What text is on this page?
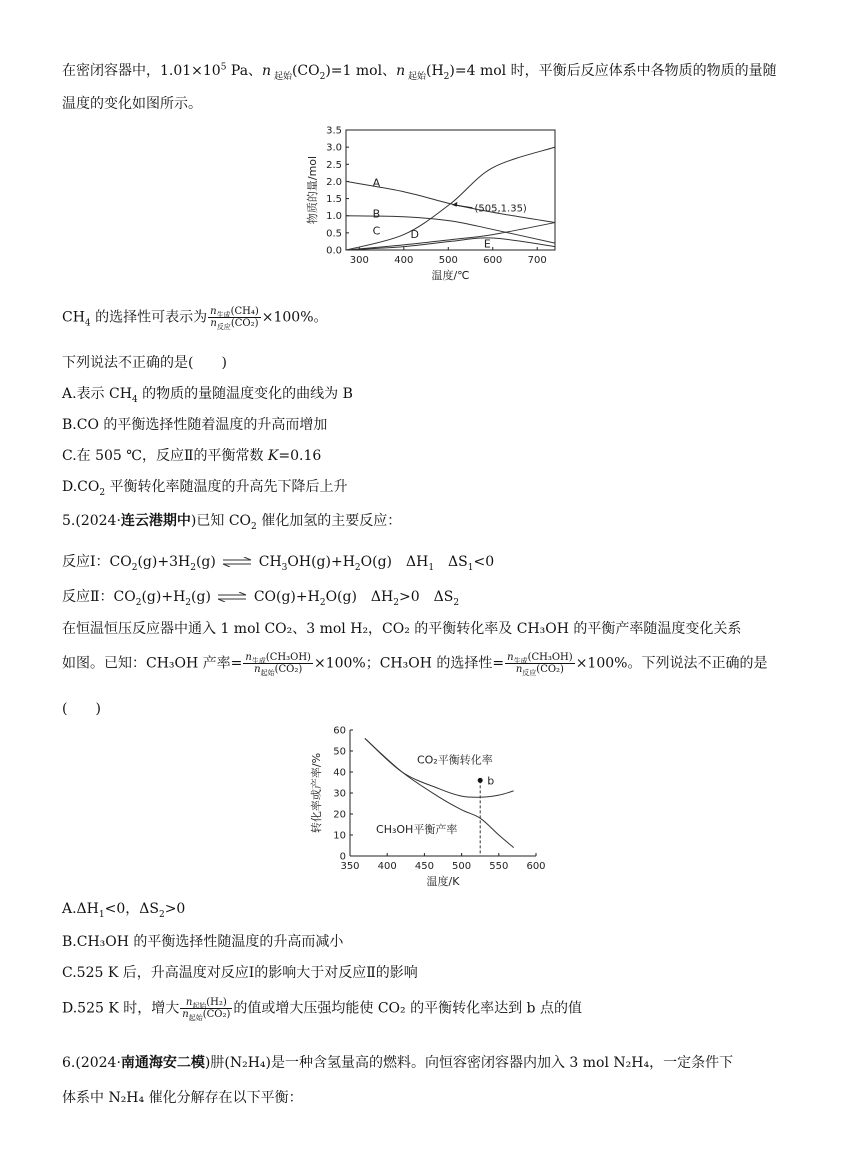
在密闭容器中，$1.01\times 10^5$ Pa、n $_{起始}(CO_2)=1$ mol、n $_{起始}(H_2)=4$ mol 时，平衡后反应体系中各物质的物质的量随
温度的变化如图所示。
0.0
0.5
1.0
1.5
2.0
2.5
3.0
3.5
300	400	500	600	700
温度/℃
物质的量/mol	A
B
C	D
E
(505,1.35)
$CH_4$ 的选择性可表示为 $\frac{n_{生成}(CH_4)}{n_{反应}(CO_2)} \times 100\%$。
下列说法不正确的是(　　)
A.表示 $CH_4$ 的物质的量随温度变化的曲线为 B
B.CO 的平衡选择性随着温度的升高而增加
C.在 505 ℃，反应Ⅱ的平衡常数 K=0.16
$D.CO_2$ 平衡转化率随温度的升高先下降后上升
5.(2024·连云港期中)已知 $CO_2$ 催化加氢的主要反应：
反应Ⅰ：$CO_2(g)+3H_2(g)$ ⇌ $CH_3OH(g)+H_2O(g)$　$\Delta H_1$　$\Delta S_1<0$
反应Ⅱ：$CO_2(g)+H_2(g)$ ⇌ $CO(g)+H_2O(g)$　$\Delta H_2>0$　$\Delta S_2$
在恒温恒压反应器中通入 1 mol CO₂、3 mol H₂，CO₂ 的平衡转化率及 CH₃OH 的平衡产率随温度变化关系
如图。已知：CH₃OH 产率= $\frac{n_{生成}(CH_3OH)}{n_{起始}(CO_2)} \times 100\%$；CH₃OH 的选择性= $\frac{n_{生成}(CH_3OH)}{n_{反应}(CO_2)} \times 100\%$。下列说法不正确的是
(　　)
0
10
20
30
40
50
60
350 400 450 500 550 600
温度/K
转化率或产率/%	CO₂平衡转化率
CH₃OH平衡产率
b
$A.\Delta H_1<0$，$\Delta S_2>0$
B.CH₃OH 的平衡选择性随温度的升高而减小
C.525 K 后，升高温度对反应Ⅰ的影响大于对反应Ⅱ的影响
D.525 K 时，增大 $\frac{n_{起始}(H_2)}{n_{起始}(CO_2)}$ 的值或增大压强均能使 CO₂ 的平衡转化率达到 b 点的值
6.(2024·南通海安二模)肼(N₂H₄)是一种含氢量高的燃料。向恒容密闭容器内加入 3 mol N₂H₄，一定条件下
体系中 N₂H₄ 催化分解存在以下平衡：
